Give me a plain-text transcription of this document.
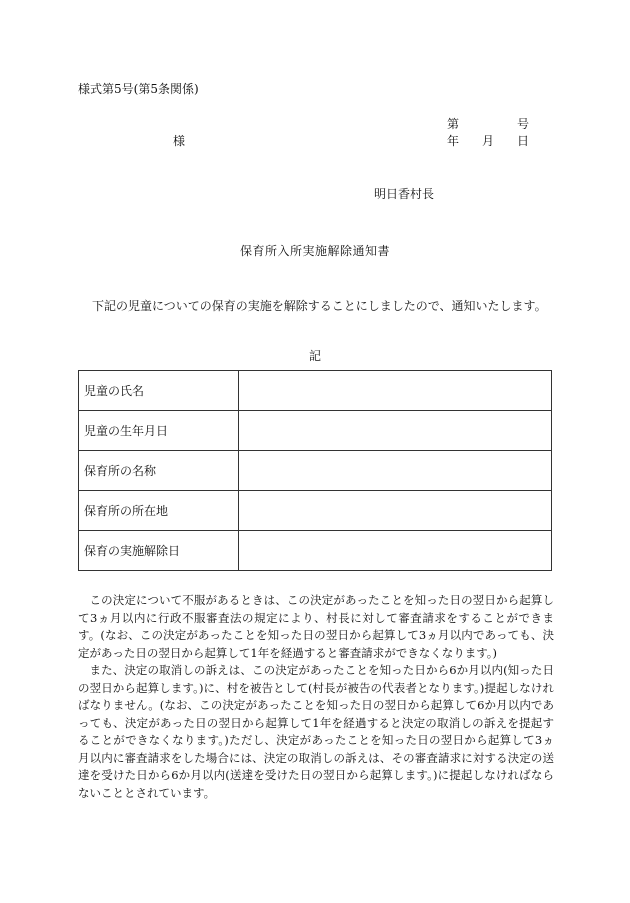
様式第5号(第5条関係)
第	号
様	年 月 日
明日香村長
保育所入所実施解除通知書
下記の児童についての保育の実施を解除することにしましたので、通知いたします。
記
児童の氏名	
児童の生年月日	
保育所の名称	
保育所の所在地	
保育の実施解除日	

この決定について不服があるときは、この決定があったことを知った日の翌日から起算して3ヵ月以内に行政不服審査法の規定により、村長に対して審査請求をすることができます。(なお、この決定があったことを知った日の翌日から起算して3ヵ月以内であっても、決定があった日の翌日から起算して1年を経過すると審査請求ができなくなります。)

また、決定の取消しの訴えは、この決定があったことを知った日から6か月以内(知った日の翌日から起算します。)に、村を被告として(村長が被告の代表者となります。)提起しなければなりません。(なお、この決定があったことを知った日の翌日から起算して6か月以内であっても、決定があった日の翌日から起算して1年を経過すると決定の取消しの訴えを提起することができなくなります。)ただし、決定があったことを知った日の翌日から起算して3ヵ月以内に審査請求をした場合には、決定の取消しの訴えは、その審査請求に対する決定の送達を受けた日から6か月以内(送達を受けた日の翌日から起算します。)に提起しなければならないこととされています。
